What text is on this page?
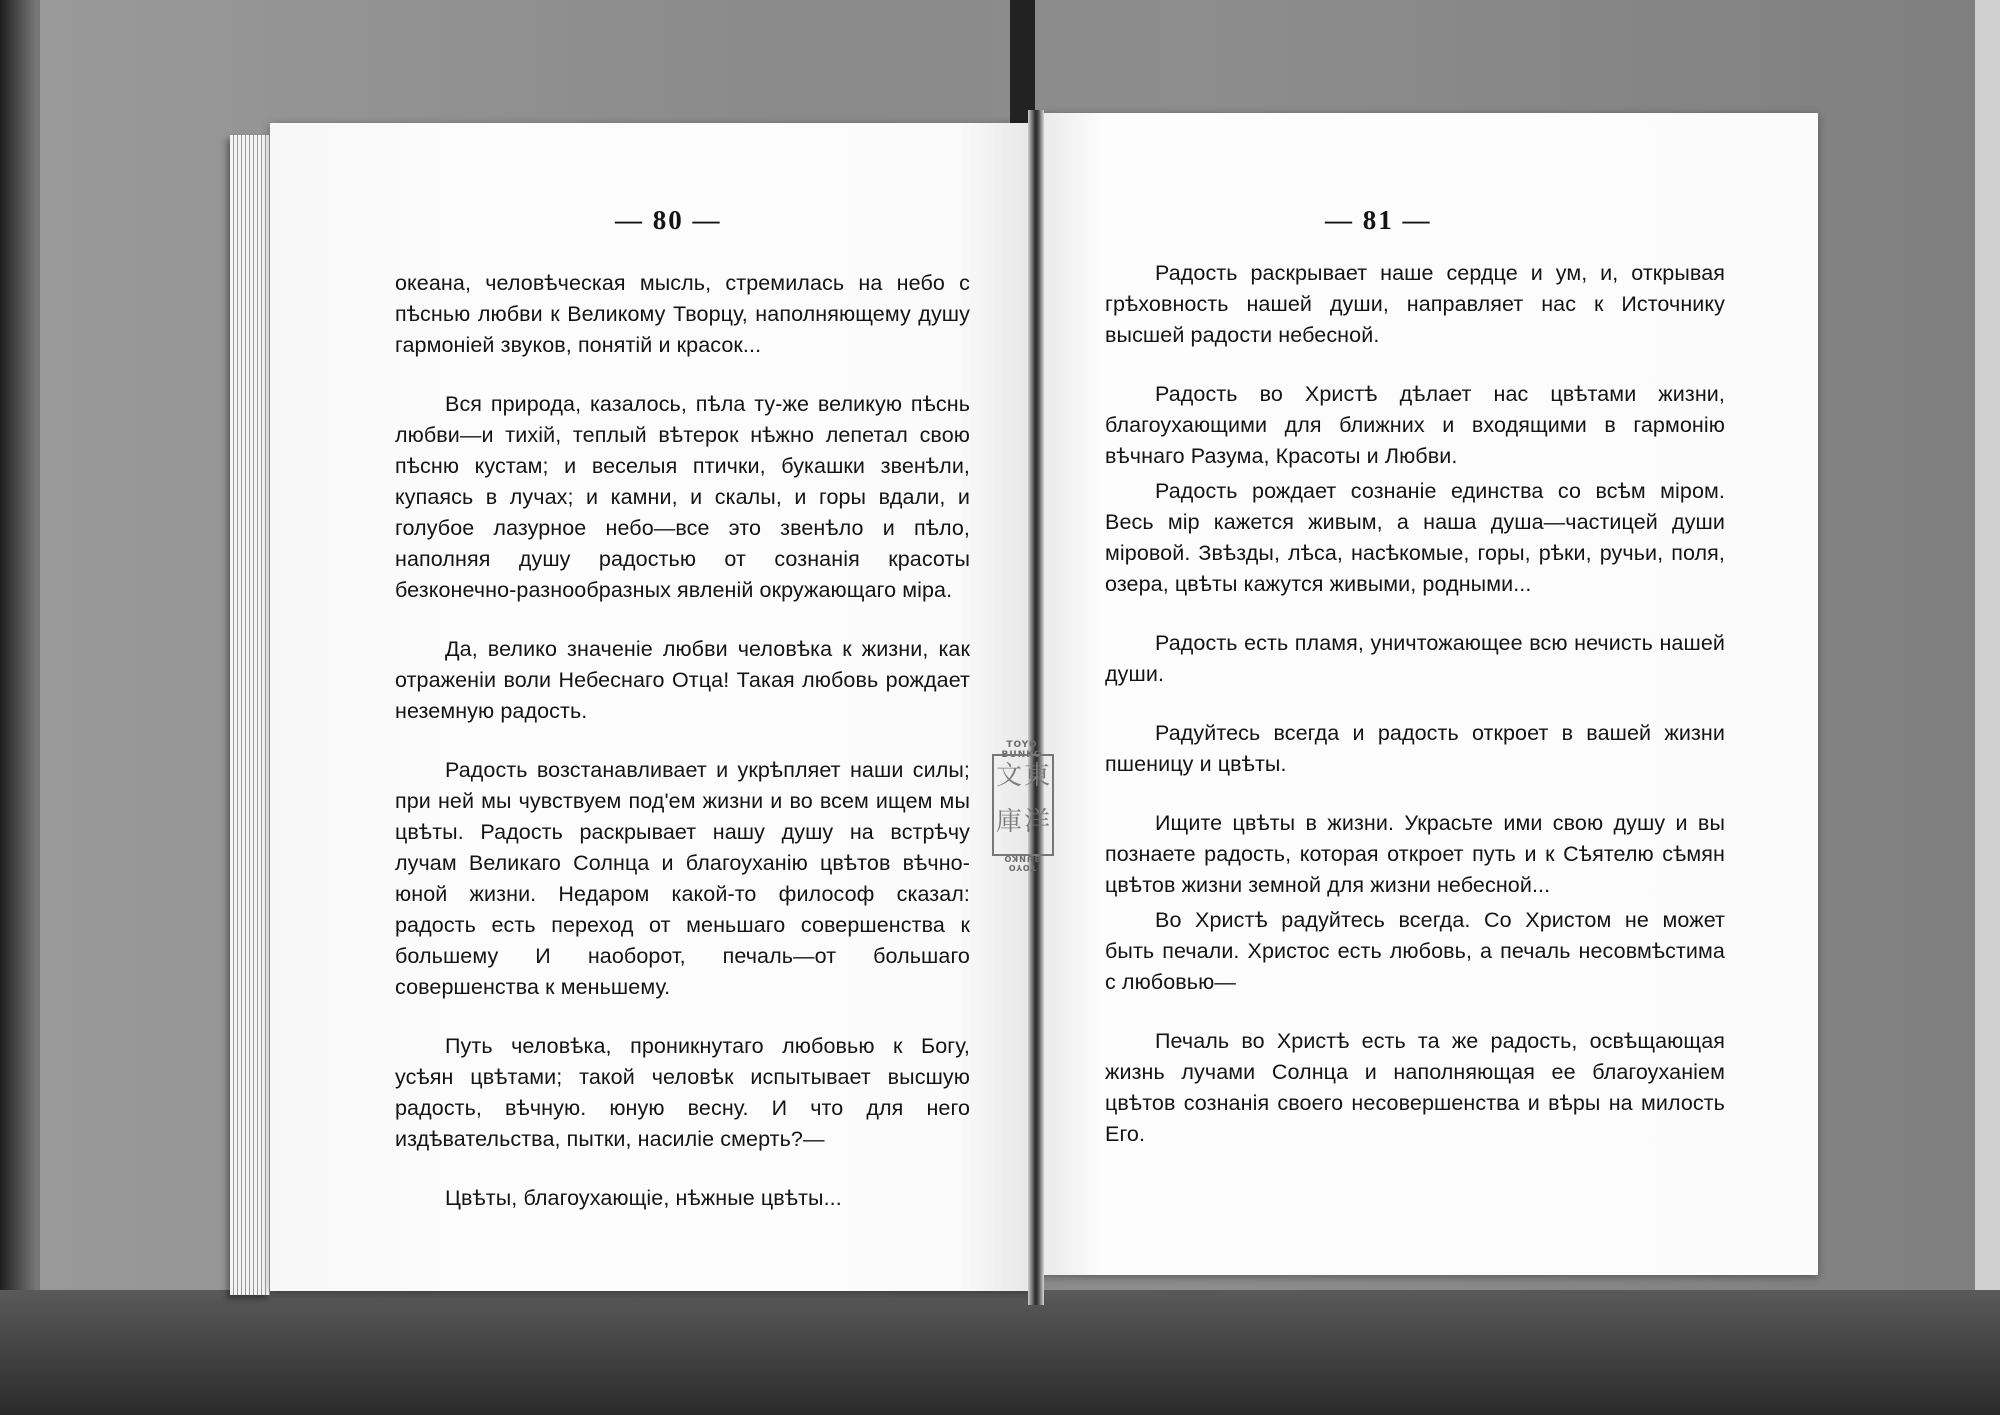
— 80 —

океана, человѣческая мысль, стремилась на небо с пѣснью любви к Великому Творцу, наполняющему душу гармоніей звуков, понятій и красок...

Вся природа, казалось, пѣла ту-же великую пѣснь любви—и тихій, теплый вѣтерок нѣжно лепетал свою пѣсню кустам; и веселыя птички, букашки звенѣли, купаясь в лучах; и камни, и скалы, и горы вдали, и голубое лазурное небо—все это звенѣло и пѣло, наполняя душу радостью от сознанія красоты безконечно-разнообразных явленій окружающаго міра.

Да, велико значеніе любви человѣка к жизни, как отраженіи воли Небеснаго Отца! Такая любовь рождает неземную радость.

Радость возстанавливает и укрѣпляет наши силы; при ней мы чувствуем под'ем жизни и во всем ищем мы цвѣты. Радость раскрывает нашу душу на встрѣчу лучам Великаго Солнца и благоуханію цвѣтов вѣчно-юной жизни. Недаром какой-то философ сказал: радость есть переход от меньшаго совершенства к большему И наоборот, печаль—от большаго совершенства к меньшему.

Путь человѣка, проникнутаго любовью к Богу, усѣян цвѣтами; такой человѣк испытывает высшую радость, вѣчную. юную весну. И что для него издѣвательства, пытки, насиліе смерть?—

Цвѣты, благоухающіе, нѣжные цвѣты...

— 81 —

Радость раскрывает наше сердце и ум, и, открывая грѣховность нашей души, направляет нас к Источнику высшей радости небесной.

Радость во Христѣ дѣлает нас цвѣтами жизни, благоухающими для ближних и входящими в гармонію вѣчнаго Разума, Красоты и Любви.

Радость рождает сознаніе единства со всѣм міром. Весь мір кажется живым, а наша душа—частицей души міровой. Звѣзды, лѣса, насѣкомые, горы, рѣки, ручьи, поля, озера, цвѣты кажутся живыми, родными...

Радость есть пламя, уничтожающее всю нечисть нашей души.

Радуйтесь всегда и радость откроет в вашей жизни пшеницу и цвѣты.

Ищите цвѣты в жизни. Украсьте ими свою душу и вы познаете радость, которая откроет путь и к Сѣятелю сѣмян цвѣтов жизни земной для жизни небесной...

Во Христѣ радуйтесь всегда. Со Христом не может быть печали. Христос есть любовь, а печаль несовмѣстима с любовью—

Печаль во Христѣ есть та же радость, освѣщающая жизнь лучами Солнца и наполняющая ее благоуханіем цвѣтов сознанія своего несовершенства и вѣры на милость Его.

TOYO BUNKO
東
洋
文
庫
TOYO BUNKO
